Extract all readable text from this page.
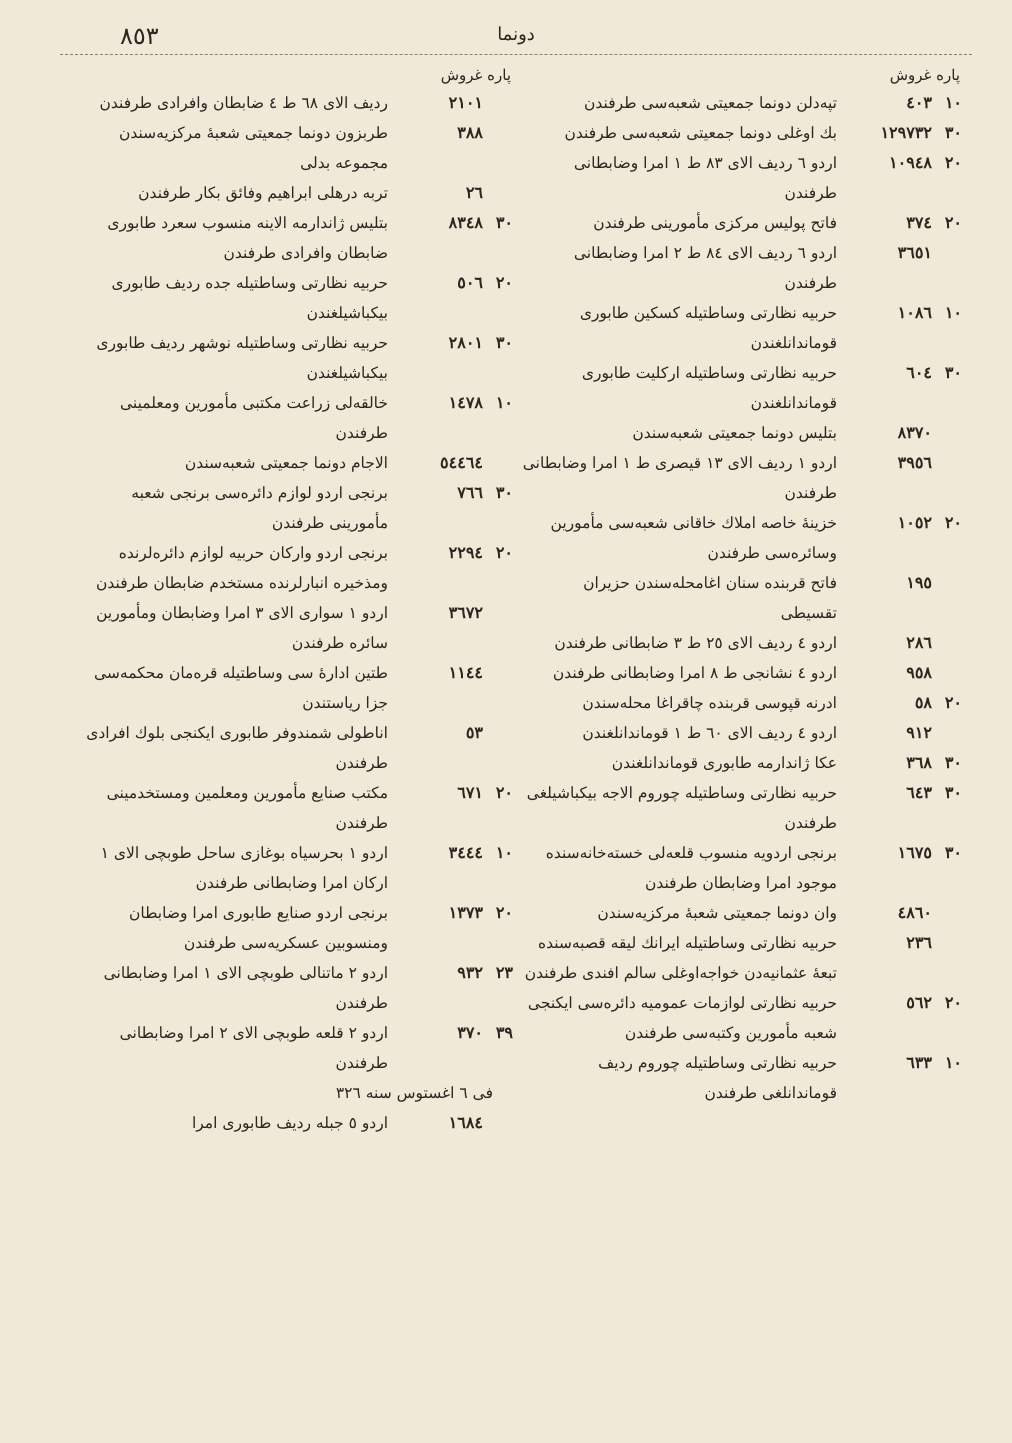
٨٥٣	دونما
پاره غروش
١٠٤٠٣
تپه‌دلن دونما جمعیتی شعبه‌سی طرفندن
٣٠١٢٩٧٣٢
بك اوغلی دونما جمعیتی شعبه‌سی طرفندن
٢٠١٠٩٤٨
اردو ٦ ردیف الای ٨٣ ط ١ امرا وضابطانی طرفندن
٢٠٣٧٤
فاتح پولیس مرکزی مأمورینی طرفندن
٣٦٥١
اردو ٦ ردیف الای ٨٤ ط ٢ امرا وضابطانی طرفندن
١٠١٠٨٦
حربیه نظارتی وساطتیله کسکین طابوری قوماندانلغندن
٣٠٦٠٤
حربیه نظارتی وساطتیله ارکلیت طابوری قوماندانلغندن
٨٣٧٠
بتلیس دونما جمعیتی شعبه‌سندن
٣٩٥٦
اردو ١ ردیف الای ١٣ قیصری ط ١ امرا وضابطانی طرفندن
٢٠١٠٥٢
خزینهٔ خاصه املاك خاقانی شعبه‌سی مأمورین وسائره‌سی طرفندن
١٩٥
فاتح قربنده سنان اغامحله‌سندن حزیران تقسیطی
٢٨٦
اردو ٤ ردیف الای ٢٥ ط ٣ ضابطانی طرفندن
٩٥٨
اردو ٤ نشانجی ط ٨ امرا وضابطانی طرفندن
٢٠٥٨
ادرنه قپوسی قربنده چاقراغا محله‌سندن
٩١٢
اردو ٤ ردیف الای ٦٠ ط ١ قوماندانلغندن
٣٠٣٦٨
عکا ژاندارمه طابوری قوماندانلغندن
٣٠٦٤٣
حربیه نظارتی وساطتیله چوروم الاجه بیکباشیلغی طرفندن
٣٠١٦٧٥
برنجی اردویه منسوب قلعه‌لی خسته‌خانه‌سنده موجود امرا وضابطان طرفندن
٤٨٦٠
وان دونما جمعیتی شعبهٔ مرکزیه‌سندن
٢٣٦
حربیه نظارتی وساطتیله ایرانك لیقه قصبه‌سنده تبعهٔ عثمانیه‌دن خواجه‌اوغلی سالم افندی طرفندن
٢٠٥٦٢
حربیه نظارتی لوازمات عمومیه دائره‌سی ایکنجی شعبه مأمورین وکتبه‌سی طرفندن
١٠٦٣٣
حربیه نظارتی وساطتیله چوروم ردیف قوماندانلغی طرفندن
پاره غروش
٢١٠١
ردیف الای ٦٨ ط ٤ ضابطان وافرادی طرفندن
٣٨٨
طربزون دونما جمعیتی شعبهٔ مرکزیه‌سندن مجموعه بدلی
٢٦
تربه درهلی ابراهیم وفائق بکار طرفندن
٣٠٨٣٤٨
بتلیس ژاندارمه الاینه منسوب سعرد طابوری ضابطان وافرادی طرفندن
٢٠٥٠٦
حربیه نظارتی وساطتیله جده ردیف طابوری بیکباشیلغندن
٣٠٢٨٠١
حربیه نظارتی وساطتیله نوشهر ردیف طابوری بیکباشیلغندن
١٠١٤٧٨
خالقه‌لی زراعت مکتبی مأمورین ومعلمینی طرفندن
٥٤٤٦٤
الاجام دونما جمعیتی شعبه‌سندن
٣٠٧٦٦
برنجی اردو لوازم دائره‌سی برنجی شعبه مأمورینی طرفندن
٢٠٢٢٩٤
برنجی اردو وارکان حربیه لوازم دائره‌لرنده ومذخیره انبارلرنده مستخدم ضابطان طرفندن
٣٦٧٢
اردو ١ سواری الای ٣ امرا وضابطان ومأمورین سائره طرفندن
١١٤٤
طتین ادارهٔ سی وساطتیله قره‌مان محکمه‌سی جزا ریاستندن
٥٣
اناطولی شمندوفر طابوری ایکنجی بلوك افرادی طرفندن
٢٠٦٧١
مکتب صنایع مأمورین ومعلمین ومستخدمینی طرفندن
١٠٣٤٤٤
اردو ١ بحرسیاه بوغازی ساحل طوبچی الای ١ ارکان امرا وضابطانی طرفندن
٢٠١٣٧٣
برنجی اردو صنایع طابوری امرا وضابطان ومنسوبین عسکریه‌سی طرفندن
٢٣٩٣٢
اردو ٢ ماتنالی طوبچی الای ١ امرا وضابطانی طرفندن
٣٩٣٧٠
اردو ٢ قلعه طوبچی الای ٢ امرا وضابطانی طرفندن
فی ٦ اغستوس سنه ٣٢٦
١٦٨٤
اردو ٥ جبله ردیف طابوری امرا
